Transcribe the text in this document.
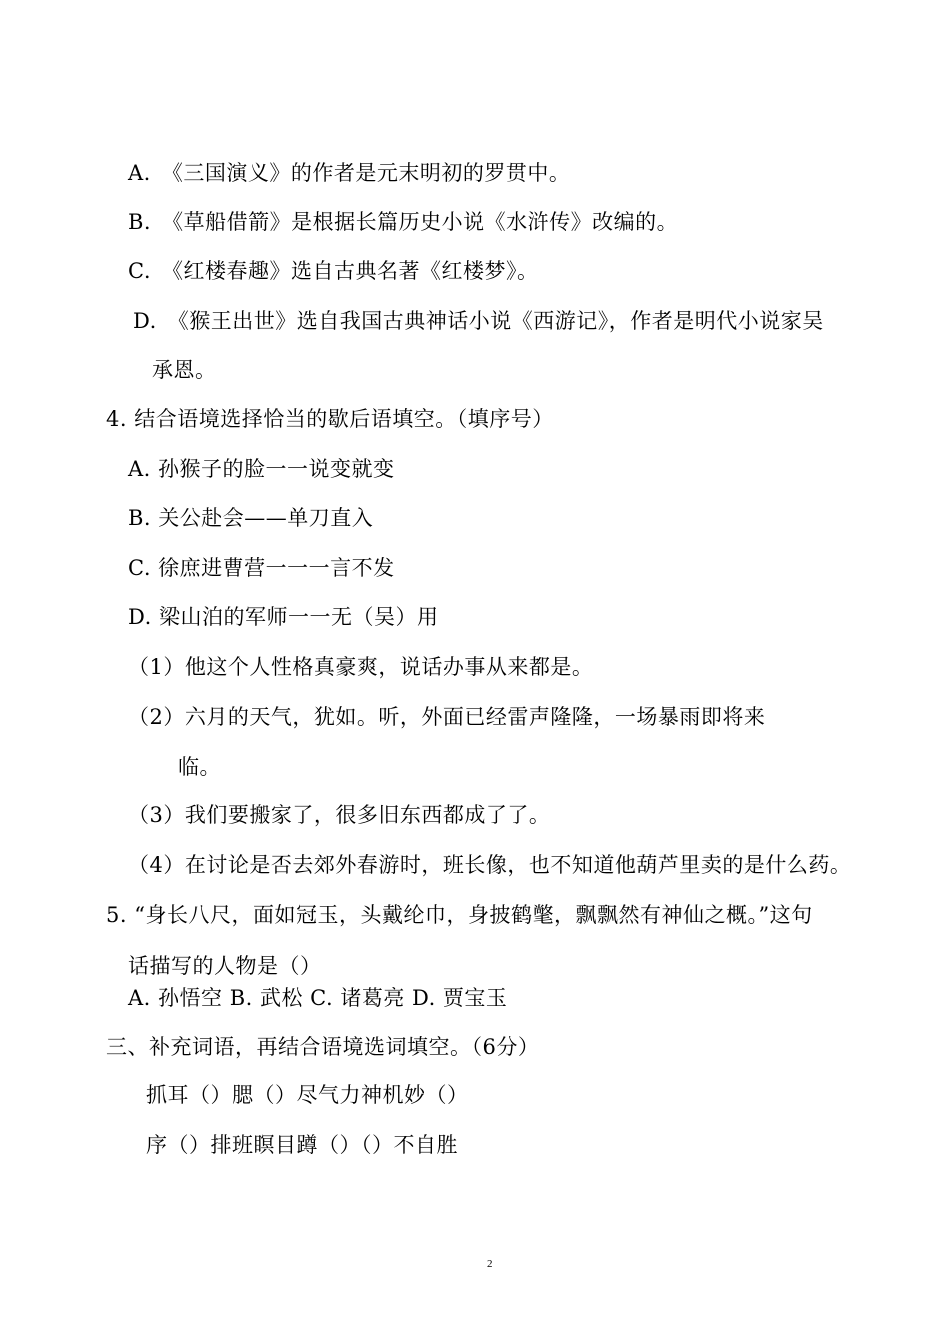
A.　《三国演义》的作者是元末明初的罗贯中。
B.　《草船借箭》是根据长篇历史小说《水浒传》改编的。
C.　《红楼春趣》选自古典名著《红楼梦》。
D.　《猴王出世》选自我国古典神话小说《西游记》，作者是明代小说家吴
承恩。
4. 结合语境选择恰当的歇后语填空。（填序号）
A. 孙猴子的脸一一说变就变
B. 关公赴会——单刀直入
C. 徐庶进曹营一一一言不发
D. 梁山泊的军师一一无（吴）用
（1）他这个人性格真豪爽，说话办事从来都是。
（2）六月的天气，犹如。听，外面已经雷声隆隆，一场暴雨即将来
临。
（3）我们要搬家了，很多旧东西都成了了。
（4）在讨论是否去郊外春游时，班长像，也不知道他葫芦里卖的是什么药。
5. “身长八尺，面如冠玉，头戴纶巾，身披鹤氅，飘飘然有神仙之概。”这句
话描写的人物是（）
A. 孙悟空 B. 武松 C. 诸葛亮 D. 贾宝玉
三、补充词语，再结合语境选词填空。（6分）
抓耳（）腮（）尽气力神机妙（）
序（）排班瞑目蹲（）（）不自胜
2
